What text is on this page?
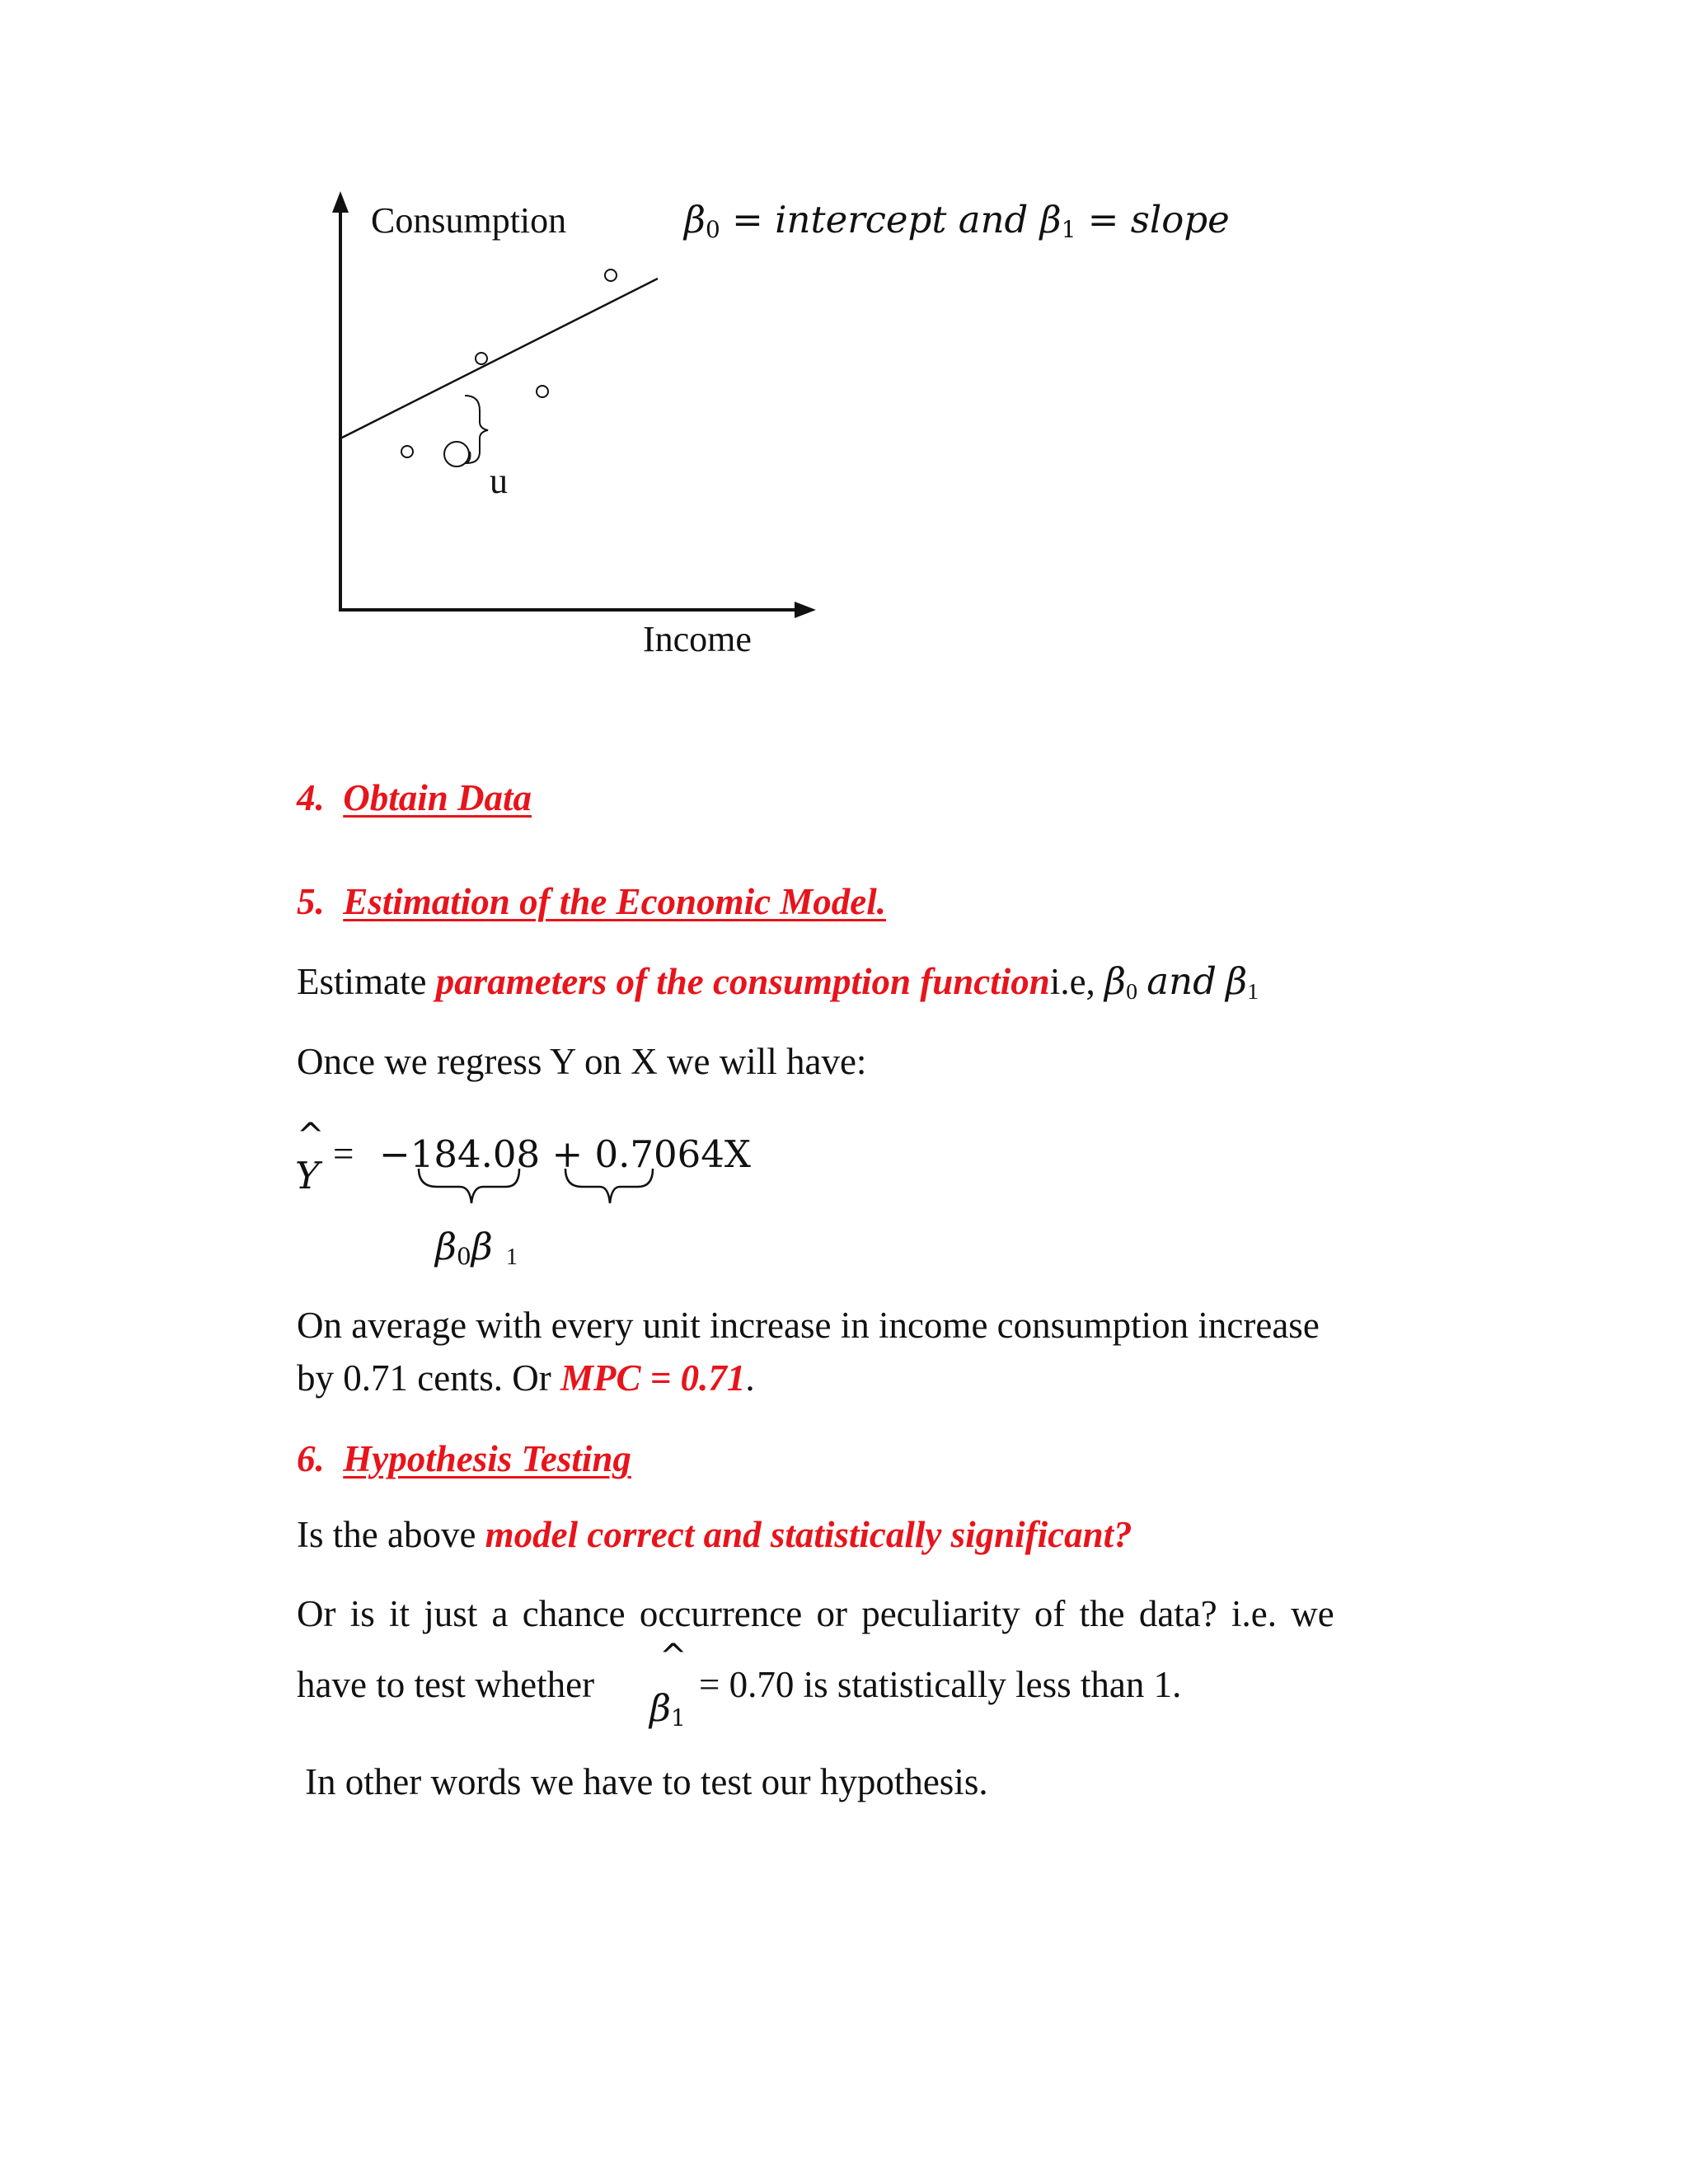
Consumption
Income
u
$\beta_0$ = intercept and $\beta_1$ = slope
4. Obtain Data
5. Estimation of the Economic Model.
Estimate parameters of the consumption functioni.e, $\beta_0$ and $\beta_1$
Once we regress Y on X we will have:
^
Y = −184.08 + 0.7064X
$\beta_0\beta$ 1
On average with every unit increase in income consumption increase
by 0.71 cents. Or MPC = 0.71.
6. Hypothesis Testing
Is the above model correct and statistically significant?
Or is it just a chance occurrence or peculiarity of the data? i.e. we
have to test whether
^
$\beta_1$
= 0.70 is statistically less than 1.
In other words we have to test our hypothesis.
